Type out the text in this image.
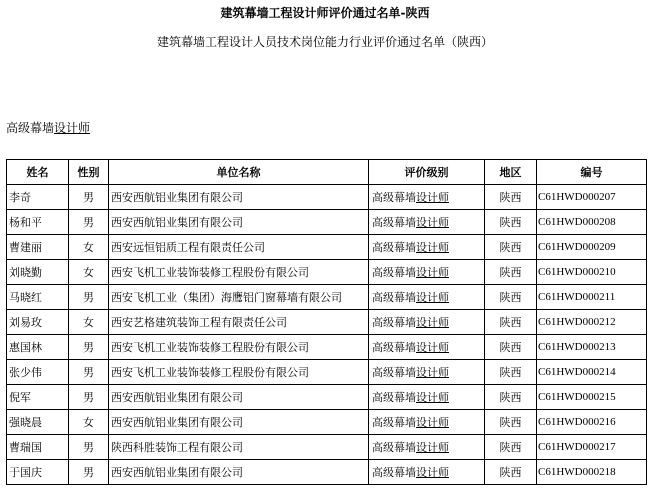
建筑幕墙工程设计师评价通过名单-陕西
建筑幕墙工程设计人员技术岗位能力行业评价通过名单（陕西）
高级幕墙设计师
姓名	性别	单位名称	评价级别	地区	编号
李奇	男	西安西航铝业集团有限公司	高级幕墙设计师	陕西	C61HWD000207
杨和平	男	西安西航铝业集团有限公司	高级幕墙设计师	陕西	C61HWD000208
曹建丽	女	西安远恒铝质工程有限责任公司	高级幕墙设计师	陕西	C61HWD000209
刘晓勤	女	西安飞机工业装饰装修工程股份有限公司	高级幕墙设计师	陕西	C61HWD000210
马晓红	男	西安飞机工业（集团）海鹰铝门窗幕墙有限公司	高级幕墙设计师	陕西	C61HWD000211
刘易玫	女	西安艺格建筑装饰工程有限责任公司	高级幕墙设计师	陕西	C61HWD000212
惠国林	男	西安飞机工业装饰装修工程股份有限公司	高级幕墙设计师	陕西	C61HWD000213
张少伟	男	西安飞机工业装饰装修工程股份有限公司	高级幕墙设计师	陕西	C61HWD000214
倪军	男	西安西航铝业集团有限公司	高级幕墙设计师	陕西	C61HWD000215
强晓晨	女	西安西航铝业集团有限公司	高级幕墙设计师	陕西	C61HWD000216
曹瑞国	男	陕西科胜装饰工程有限公司	高级幕墙设计师	陕西	C61HWD000217
于国庆	男	西安西航铝业集团有限公司	高级幕墙设计师	陕西	C61HWD000218
